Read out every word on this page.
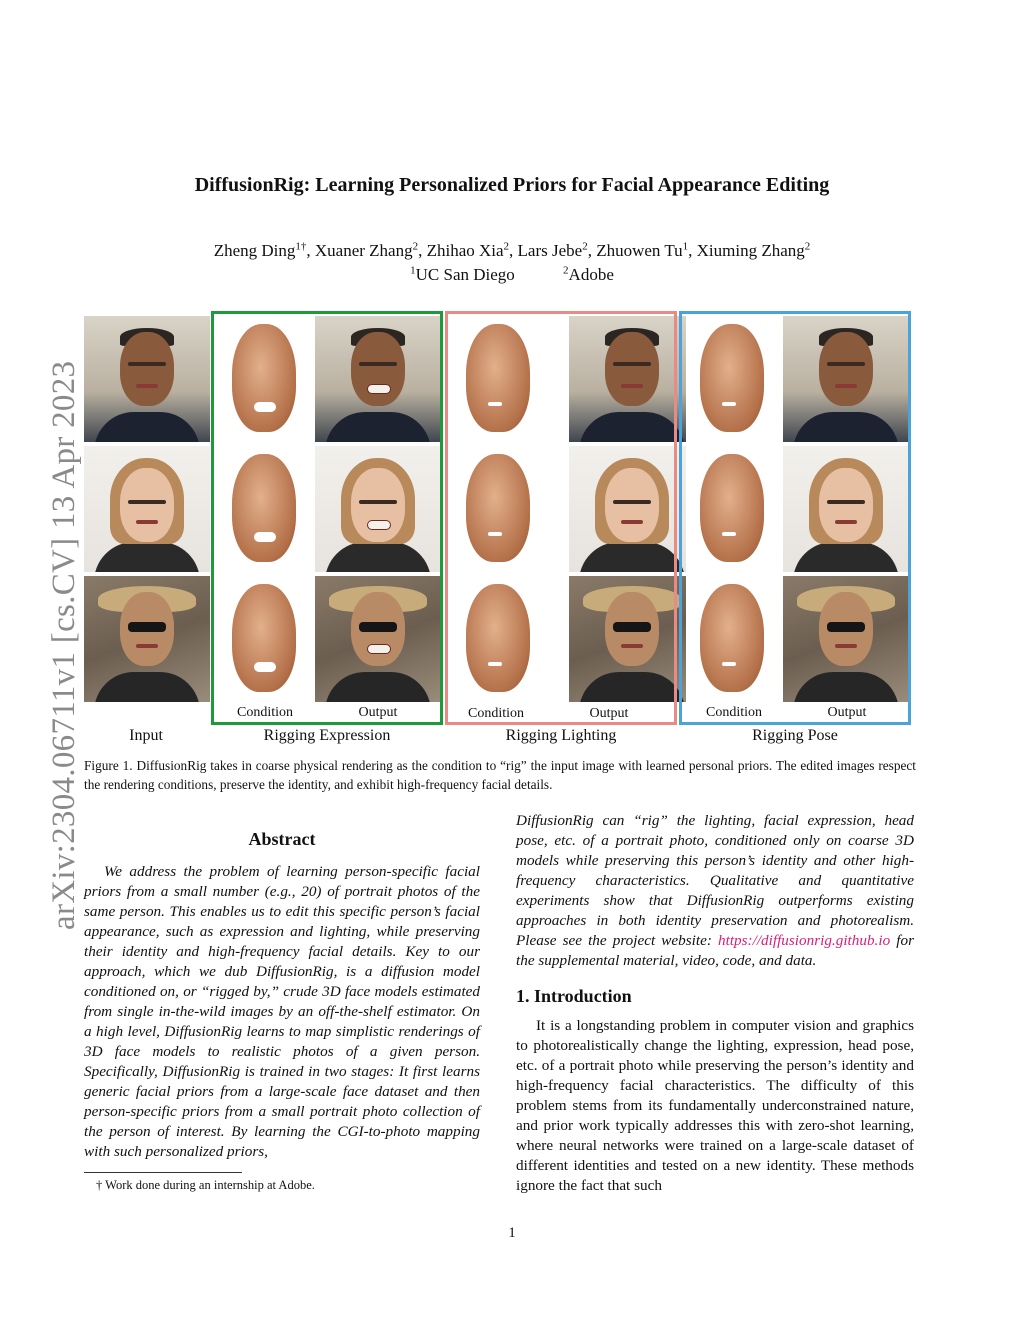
DiffusionRig: Learning Personalized Priors for Facial Appearance Editing
Zheng Ding$^{1\dagger}$, Xuaner Zhang$^2$, Zhihao Xia$^2$, Lars Jebe$^2$, Zhuowen Tu$^1$, Xiuming Zhang$^2$
$^1$UC San Diego	$^2$Adobe
arXiv:2304.06711v1 [cs.CV] 13 Apr 2023	Condition	Output	Condition	Output	Condition	Output
Input	Rigging Expression	Rigging Lighting	Rigging Pose
Figure 1. DiffusionRig takes in coarse physical rendering as the condition to “rig” the input image with learned personal priors. The edited images respect the rendering conditions, preserve the identity, and exhibit high-frequency facial details.
Abstract
We address the problem of learning person-specific facial priors from a small number (e.g., 20) of portrait photos of the same person. This enables us to edit this specific person’s facial appearance, such as expression and lighting, while preserving their identity and high-frequency facial details. Key to our approach, which we dub DiffusionRig, is a diffusion model conditioned on, or “rigged by,” crude 3D face models estimated from single in-the-wild images by an off-the-shelf estimator. On a high level, DiffusionRig learns to map simplistic renderings of 3D face models to realistic photos of a given person. Specifically, DiffusionRig is trained in two stages: It first learns generic facial priors from a large-scale face dataset and then person-specific priors from a small portrait photo collection of the person of interest. By learning the CGI-to-photo mapping with such personalized priors,
† Work done during an internship at Adobe.
DiffusionRig can “rig” the lighting, facial expression, head pose, etc. of a portrait photo, conditioned only on coarse 3D models while preserving this person’s identity and other high-frequency characteristics. Qualitative and quantitative experiments show that DiffusionRig outperforms existing approaches in both identity preservation and photorealism. Please see the project website: https://diffusionrig.github.io for the supplemental material, video, code, and data.
1. Introduction
It is a longstanding problem in computer vision and graphics to photorealistically change the lighting, expression, head pose, etc. of a portrait photo while preserving the person’s identity and high-frequency facial characteristics. The difficulty of this problem stems from its fundamentally underconstrained nature, and prior work typically addresses this with zero-shot learning, where neural networks were trained on a large-scale dataset of different identities and tested on a new identity. These methods ignore the fact that such
1
